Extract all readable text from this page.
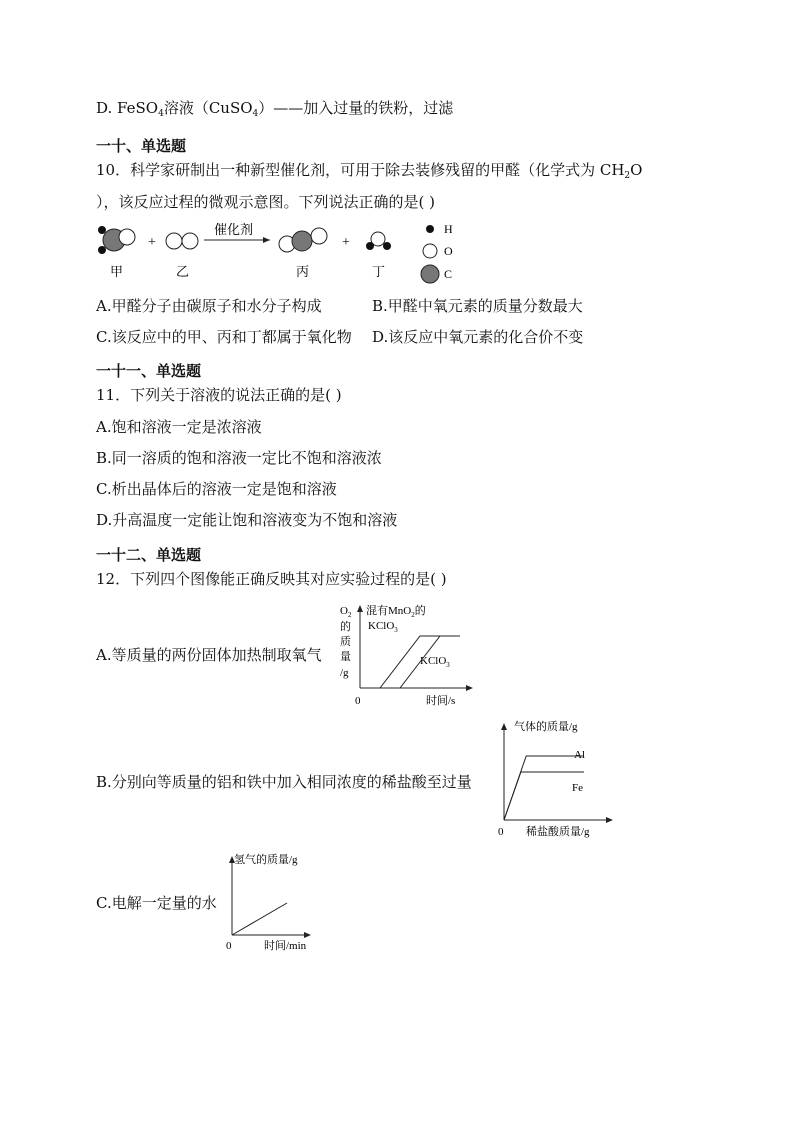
D. FeSO$_4$溶液（CuSO$_4$）——加入过量的铁粉，过滤
一十、单选题
10．科学家研制出一种新型催化剂，可用于除去装修残留的甲醛（化学式为 $CH_2O$
），该反应过程的微观示意图。下列说法正确的是( )
+
催化剂
+
甲	乙	丙	丁
H
O
C
A.甲醛分子由碳原子和水分子构成	B.甲醛中氧元素的质量分数最大
C.该反应中的甲、丙和丁都属于氧化物 D.该反应中氧元素的化合价不变
一十一、单选题
11．下列关于溶液的说法正确的是( )
A.饱和溶液一定是浓溶液
B.同一溶质的饱和溶液一定比不饱和溶液浓
C.析出晶体后的溶液一定是饱和溶液
D.升高温度一定能让饱和溶液变为不饱和溶液
一十二、单选题
12．下列四个图像能正确反映其对应实验过程的是( )
A.等质量的两份固体加热制取氧气
$O_2$
的
质
量
/g
0	时间/s
混有MnO$_2$的
KClO$_3$
KClO$_3$
B.分别向等质量的铝和铁中加入相同浓度的稀盐酸至过量
气体的质量/g
0 稀盐酸质量/g
Al
Fe
C.电解一定量的水
氢气的质量/g
0	时间/min
